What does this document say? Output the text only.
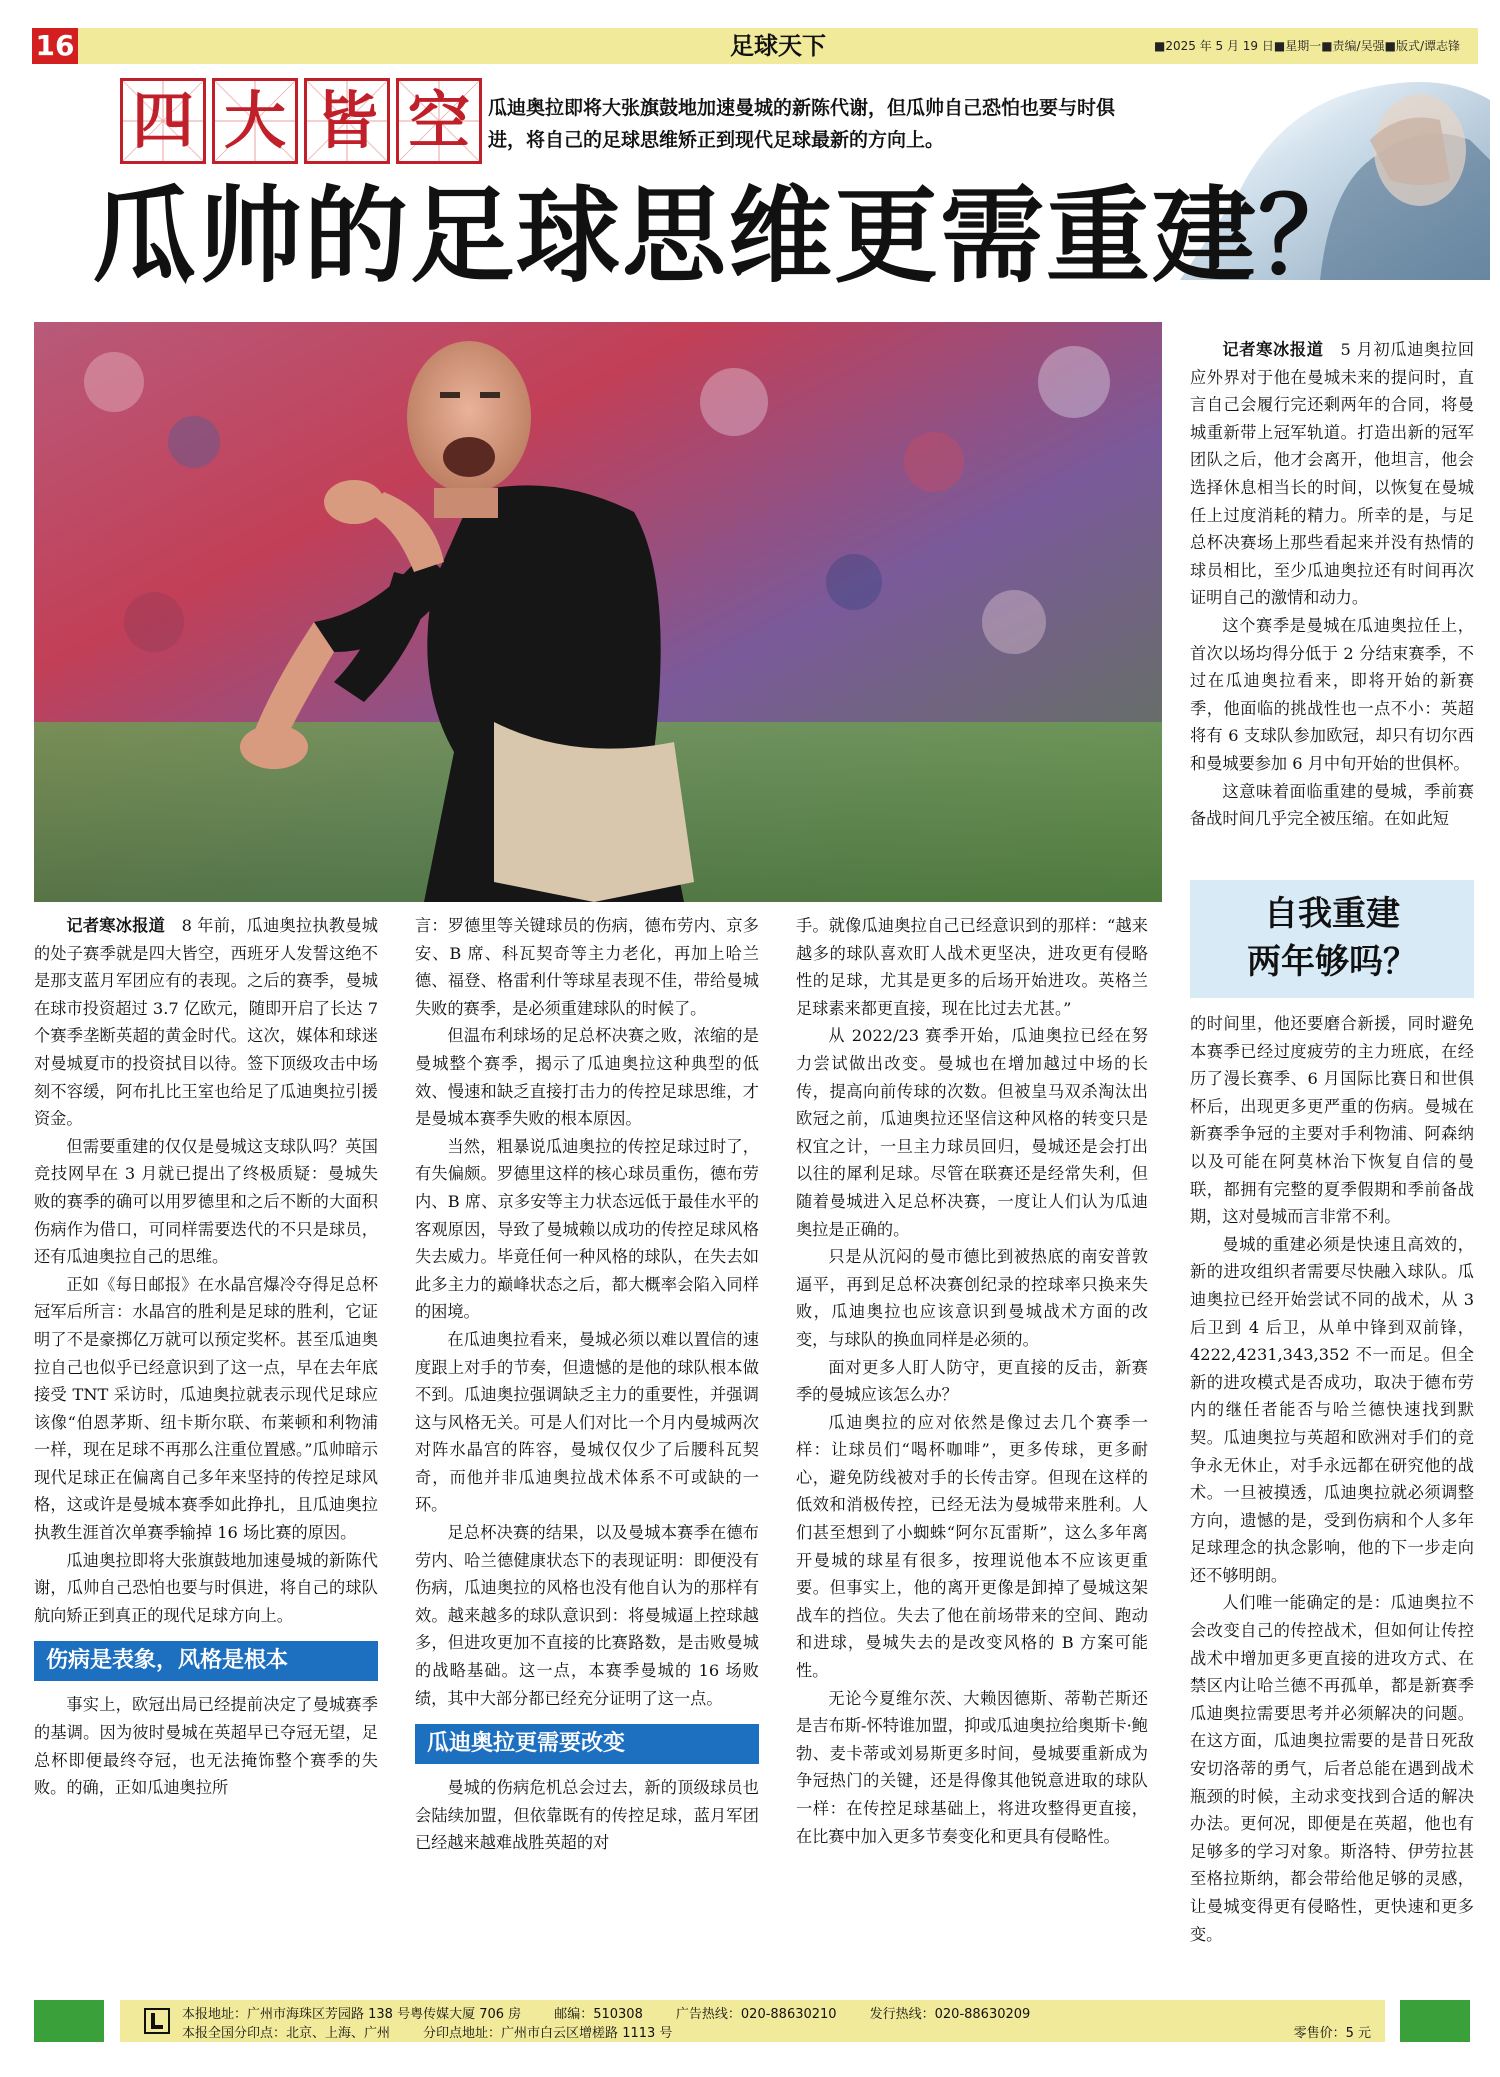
16	足球天下	■2025 年 5 月 19 日■星期一■责编/吴强■版式/谭志锋
四 大 皆 空 瓜迪奥拉即将大张旗鼓地加速曼城的新陈代谢，但瓜帅自己恐怕也要与时俱进，将自己的足球思维矫正到现代足球最新的方向上。
瓜帅的足球思维更需重建？

记者寒冰报道　 8 年前，瓜迪奥拉执教曼城的处子赛季就是四大皆空，西班牙人发誓这绝不是那支蓝月军团应有的表现。之后的赛季，曼城在球市投资超过 3.7 亿欧元，随即开启了长达 7 个赛季垄断英超的黄金时代。这次，媒体和球迷对曼城夏市的投资拭目以待。签下顶级攻击中场刻不容缓，阿布扎比王室也给足了瓜迪奥拉引援资金。

但需要重建的仅仅是曼城这支球队吗？英国竞技网早在 3 月就已提出了终极质疑：曼城失败的赛季的确可以用罗德里和之后不断的大面积伤病作为借口，可同样需要迭代的不只是球员，还有瓜迪奥拉自己的思维。

正如《每日邮报》在水晶宫爆冷夺得足总杯冠军后所言：水晶宫的胜利是足球的胜利，它证明了不是豪掷亿万就可以预定奖杯。甚至瓜迪奥拉自己也似乎已经意识到了这一点，早在去年底接受 TNT 采访时，瓜迪奥拉就表示现代足球应该像“伯恩茅斯、纽卡斯尔联、布莱顿和利物浦一样，现在足球不再那么注重位置感。”瓜帅暗示现代足球正在偏离自己多年来坚持的传控足球风格，这或许是曼城本赛季如此挣扎，且瓜迪奥拉执教生涯首次单赛季输掉 16 场比赛的原因。

瓜迪奥拉即将大张旗鼓地加速曼城的新陈代谢，瓜帅自己恐怕也要与时俱进，将自己的球队航向矫正到真正的现代足球方向上。

伤病是表象，风格是根本

事实上，欧冠出局已经提前决定了曼城赛季的基调。因为彼时曼城在英超早已夺冠无望，足总杯即便最终夺冠，也无法掩饰整个赛季的失败。的确，正如瓜迪奥拉所

言：罗德里等关键球员的伤病，德布劳内、京多安、B 席、科瓦契奇等主力老化，再加上哈兰德、福登、格雷利什等球星表现不佳，带给曼城失败的赛季，是必须重建球队的时候了。

但温布利球场的足总杯决赛之败，浓缩的是曼城整个赛季，揭示了瓜迪奥拉这种典型的低效、慢速和缺乏直接打击力的传控足球思维，才是曼城本赛季失败的根本原因。

当然，粗暴说瓜迪奥拉的传控足球过时了，有失偏颇。罗德里这样的核心球员重伤，德布劳内、B 席、京多安等主力状态远低于最佳水平的客观原因，导致了曼城赖以成功的传控足球风格失去威力。毕竟任何一种风格的球队，在失去如此多主力的巅峰状态之后，都大概率会陷入同样的困境。

在瓜迪奥拉看来，曼城必须以难以置信的速度跟上对手的节奏，但遗憾的是他的球队根本做不到。瓜迪奥拉强调缺乏主力的重要性，并强调这与风格无关。可是人们对比一个月内曼城两次对阵水晶宫的阵容，曼城仅仅少了后腰科瓦契奇，而他并非瓜迪奥拉战术体系不可或缺的一环。

足总杯决赛的结果，以及曼城本赛季在德布劳内、哈兰德健康状态下的表现证明：即便没有伤病，瓜迪奥拉的风格也没有他自认为的那样有效。越来越多的球队意识到：将曼城逼上控球越多，但进攻更加不直接的比赛路数，是击败曼城的战略基础。这一点，本赛季曼城的 16 场败绩，其中大部分都已经充分证明了这一点。

瓜迪奥拉更需要改变

曼城的伤病危机总会过去，新的顶级球员也会陆续加盟，但依靠既有的传控足球，蓝月军团已经越来越难战胜英超的对

手。就像瓜迪奥拉自己已经意识到的那样：“越来越多的球队喜欢盯人战术更坚决，进攻更有侵略性的足球，尤其是更多的后场开始进攻。英格兰足球素来都更直接，现在比过去尤甚。”

从 2022/23 赛季开始，瓜迪奥拉已经在努力尝试做出改变。曼城也在增加越过中场的长传，提高向前传球的次数。但被皇马双杀淘汰出欧冠之前，瓜迪奥拉还坚信这种风格的转变只是权宜之计，一旦主力球员回归，曼城还是会打出以往的犀利足球。尽管在联赛还是经常失利，但随着曼城进入足总杯决赛，一度让人们认为瓜迪奥拉是正确的。

只是从沉闷的曼市德比到被热底的南安普敦逼平，再到足总杯决赛创纪录的控球率只换来失败，瓜迪奥拉也应该意识到曼城战术方面的改变，与球队的换血同样是必须的。

面对更多人盯人防守，更直接的反击，新赛季的曼城应该怎么办？

瓜迪奥拉的应对依然是像过去几个赛季一样：让球员们“喝杯咖啡”，更多传球，更多耐心，避免防线被对手的长传击穿。但现在这样的低效和消极传控，已经无法为曼城带来胜利。人们甚至想到了小蜘蛛“阿尔瓦雷斯”，这么多年离开曼城的球星有很多，按理说他本不应该更重要。但事实上，他的离开更像是卸掉了曼城这架战车的挡位。失去了他在前场带来的空间、跑动和进球，曼城失去的是改变风格的 B 方案可能性。

无论今夏维尔茨、大赖因德斯、蒂勒芒斯还是吉布斯-怀特谁加盟，抑或瓜迪奥拉给奥斯卡·鲍勃、麦卡蒂或刘易斯更多时间，曼城要重新成为争冠热门的关键，还是得像其他锐意进取的球队一样：在传控足球基础上，将进攻整得更直接，在比赛中加入更多节奏变化和更具有侵略性。

记者寒冰报道　 5 月初瓜迪奥拉回应外界对于他在曼城未来的提问时，直言自己会履行完还剩两年的合同，将曼城重新带上冠军轨道。打造出新的冠军团队之后，他才会离开，他坦言，他会选择休息相当长的时间，以恢复在曼城任上过度消耗的精力。所幸的是，与足总杯决赛场上那些看起来并没有热情的球员相比，至少瓜迪奥拉还有时间再次证明自己的激情和动力。

这个赛季是曼城在瓜迪奥拉任上，首次以场均得分低于 2 分结束赛季，不过在瓜迪奥拉看来，即将开始的新赛季，他面临的挑战性也一点不小：英超将有 6 支球队参加欧冠，却只有切尔西和曼城要参加 6 月中旬开始的世俱杯。

这意味着面临重建的曼城，季前赛备战时间几乎完全被压缩。在如此短

自我重建
两年够吗？

的时间里，他还要磨合新援，同时避免本赛季已经过度疲劳的主力班底，在经历了漫长赛季、6 月国际比赛日和世俱杯后，出现更多更严重的伤病。曼城在新赛季争冠的主要对手利物浦、阿森纳以及可能在阿莫林治下恢复自信的曼联，都拥有完整的夏季假期和季前备战期，这对曼城而言非常不利。

曼城的重建必须是快速且高效的，新的进攻组织者需要尽快融入球队。瓜迪奥拉已经开始尝试不同的战术，从 3 后卫到 4 后卫，从单中锋到双前锋，4222,4231,343,352 不一而足。但全新的进攻模式是否成功，取决于德布劳内的继任者能否与哈兰德快速找到默契。瓜迪奥拉与英超和欧洲对手们的竞争永无休止，对手永远都在研究他的战术。一旦被摸透，瓜迪奥拉就必须调整方向，遗憾的是，受到伤病和个人多年足球理念的执念影响，他的下一步走向还不够明朗。

人们唯一能确定的是：瓜迪奥拉不会改变自己的传控战术，但如何让传控战术中增加更多更直接的进攻方式、在禁区内让哈兰德不再孤单，都是新赛季瓜迪奥拉需要思考并必须解决的问题。在这方面，瓜迪奥拉需要的是昔日死敌安切洛蒂的勇气，后者总能在遇到战术瓶颈的时候，主动求变找到合适的解决办法。更何况，即便是在英超，他也有足够多的学习对象。斯洛特、伊劳拉甚至格拉斯纳，都会带给他足够的灵感，让曼城变得更有侵略性，更快速和更多变。

本报地址：广州市海珠区芳园路 138 号粤传媒大厦 706 房        邮编：510308        广告热线：020-88630210        发行热线：020-88630209
本报全国分印点：北京、上海、广州        分印点地址：广州市白云区增槎路 1113 号	零售价：5 元
